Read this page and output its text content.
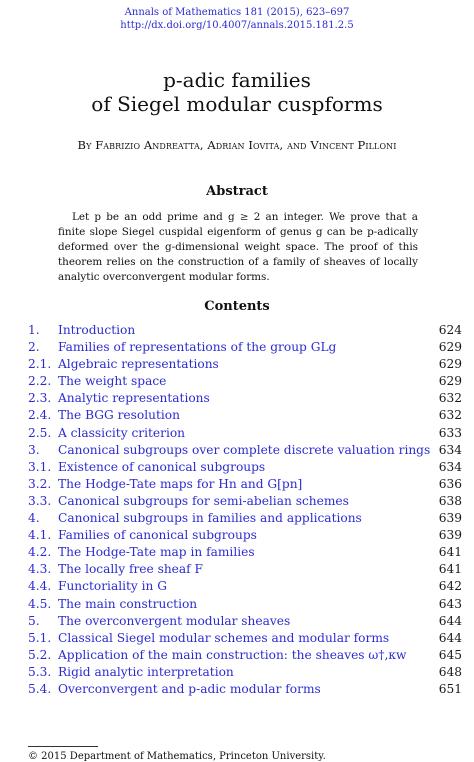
Annals of Mathematics 181 (2015), 623–697
http://dx.doi.org/10.4007/annals.2015.181.2.5
p-adic families
of Siegel modular cuspforms
By Fabrizio Andreatta, Adrian Iovita, and Vincent Pilloni
Abstract
Let p be an odd prime and g ≥ 2 an integer. We prove that a finite slope Siegel cuspidal eigenform of genus g can be p-adically deformed over the g-dimensional weight space. The proof of this theorem relies on the construction of a family of sheaves of locally analytic overconvergent modular forms.
Contents
1. Introduction	624
2. Families of representations of the group GLg	629
2.1. Algebraic representations	629
2.2. The weight space	629
2.3. Analytic representations	632
2.4. The BGG resolution	632
2.5. A classicity criterion	633
3. Canonical subgroups over complete discrete valuation rings 634
3.1. Existence of canonical subgroups	634
3.2. The Hodge-Tate maps for Hn and G[pn]	636
3.3. Canonical subgroups for semi-abelian schemes	638
4. Canonical subgroups in families and applications	639
4.1. Families of canonical subgroups	639
4.2. The Hodge-Tate map in families	641
4.3. The locally free sheaf F	641
4.4. Functoriality in G	642
4.5. The main construction	643
5. The overconvergent modular sheaves	644
5.1. Classical Siegel modular schemes and modular forms	644
5.2. Application of the main construction: the sheaves ω†,κw	645
5.3. Rigid analytic interpretation	648
5.4. Overconvergent and p-adic modular forms	651
© 2015 Department of Mathematics, Princeton University.
